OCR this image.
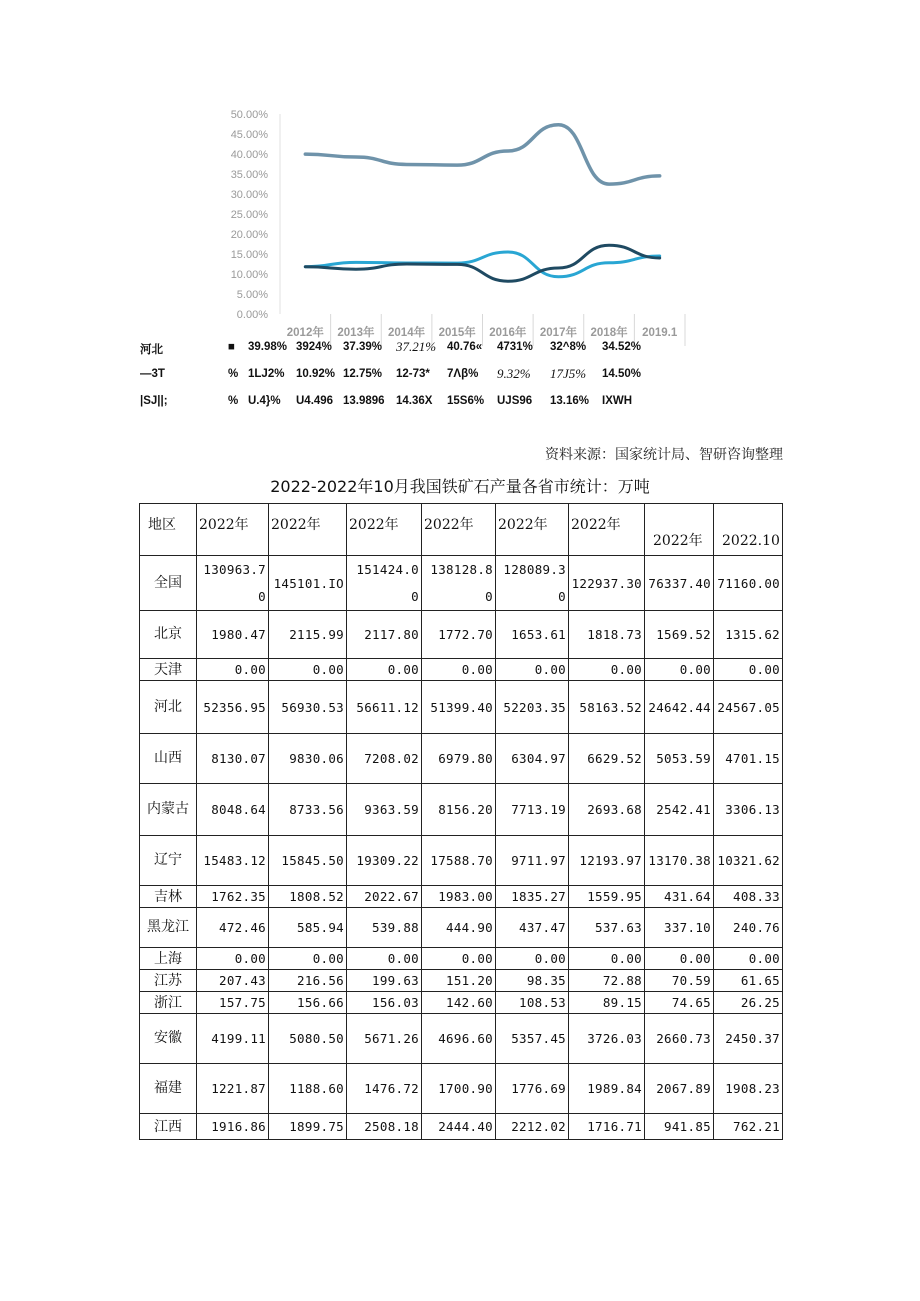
50.00%
45.00%
40.00%
35.00%
30.00%
25.00%
20.00%
15.00%
10.00%
5.00%
0.00%
2012年 2013年 2014年 2015年 2016年 2017年 2018年 2019.1
河北	■ 39.98% 3924% 37.39% 37.21% 40.76« 4731% 32^8% 34.52%
—3T	% 1LJ2% 10.92% 12.75% 12-73* 7Λβ% 9.32% 17J5% 14.50%
|SJ||;	% U.4}% U4.496 13.9896 14.36X 15S6% UJS96 13.16% IXWH
资料来源：国家统计局、智研咨询整理
2022-2022年10月我国铁矿石产量各省市统计：万吨
地区	2022年	2022年	2022年	2022年	2022年	2022年	2022年	2022.10
全国	130963.70	145101.IO	151424.00	138128.80	128089.30	122937.30	76337.40	71160.00
北京	1980.47	2115.99	2117.80	1772.70	1653.61	1818.73	1569.52	1315.62
天津	0.00	0.00	0.00	0.00	0.00	0.00	0.00	0.00
河北	52356.95	56930.53	56611.12	51399.40	52203.35	58163.52	24642.44	24567.05
山西	8130.07	9830.06	7208.02	6979.80	6304.97	6629.52	5053.59	4701.15
内蒙古	8048.64	8733.56	9363.59	8156.20	7713.19	2693.68	2542.41	3306.13
辽宁	15483.12	15845.50	19309.22	17588.70	9711.97	12193.97	13170.38	10321.62
吉林	1762.35	1808.52	2022.67	1983.00	1835.27	1559.95	431.64	408.33
黑龙江	472.46	585.94	539.88	444.90	437.47	537.63	337.10	240.76
上海	0.00	0.00	0.00	0.00	0.00	0.00	0.00	0.00
江苏	207.43	216.56	199.63	151.20	98.35	72.88	70.59	61.65
浙江	157.75	156.66	156.03	142.60	108.53	89.15	74.65	26.25
安徽	4199.11	5080.50	5671.26	4696.60	5357.45	3726.03	2660.73	2450.37
福建	1221.87	1188.60	1476.72	1700.90	1776.69	1989.84	2067.89	1908.23
江西	1916.86	1899.75	2508.18	2444.40	2212.02	1716.71	941.85	762.21
